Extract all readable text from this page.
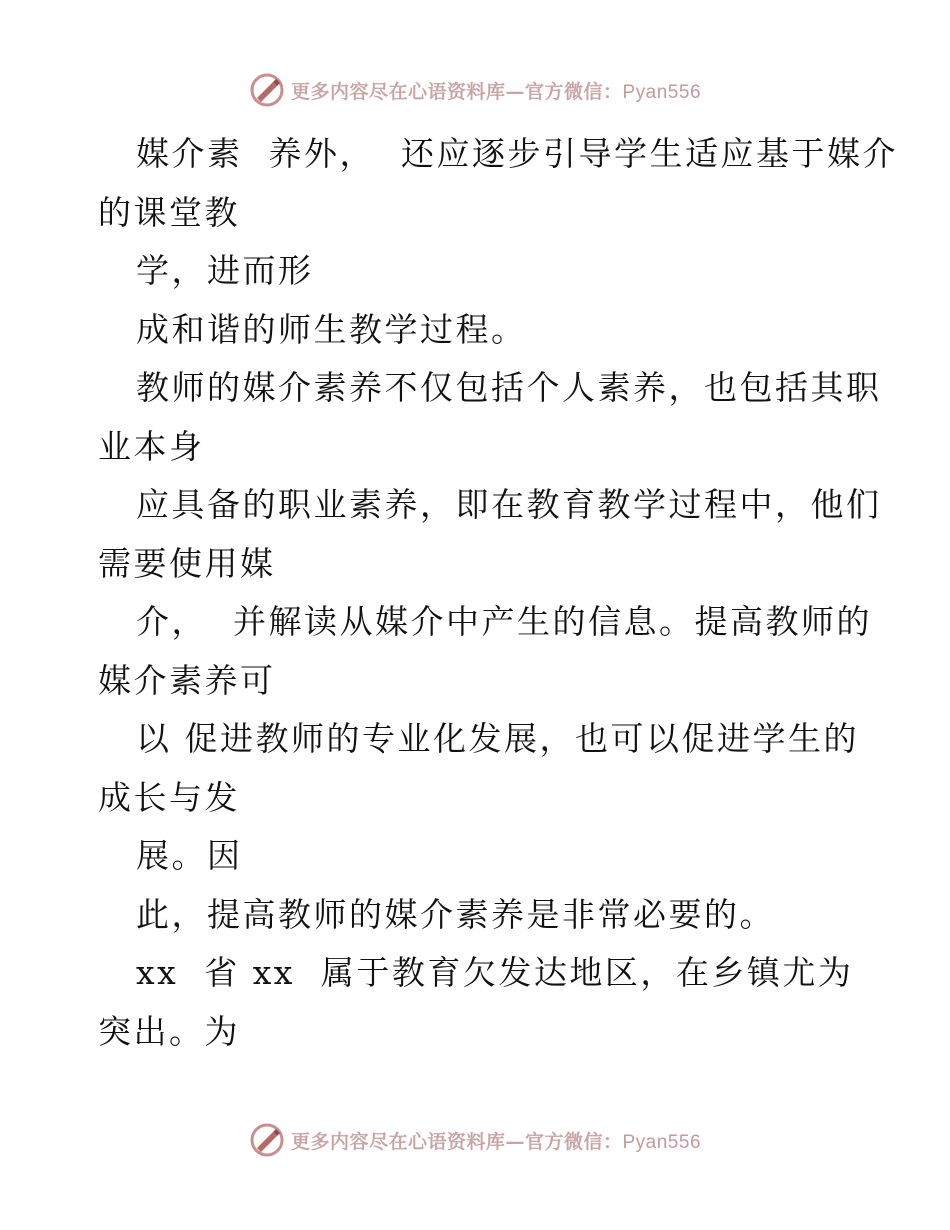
更多内容尽在心语资料库—官方微信：Pyan556
媒介素  养外，  还应逐步引导学生适应基于媒介
的课堂教
学，进而形
成和谐的师生教学过程。
教师的媒介素养不仅包括个人素养，也包括其职
业本身
应具备的职业素养，即在教育教学过程中，他们
需要使用媒
介，  并解读从媒介中产生的信息。提高教师的
媒介素养可
以 促进教师的专业化发展，也可以促进学生的
成长与发
展。因
此，提高教师的媒介素养是非常必要的。
xx  省 xx  属于教育欠发达地区，在乡镇尤为
突出。为
更多内容尽在心语资料库—官方微信：Pyan556
